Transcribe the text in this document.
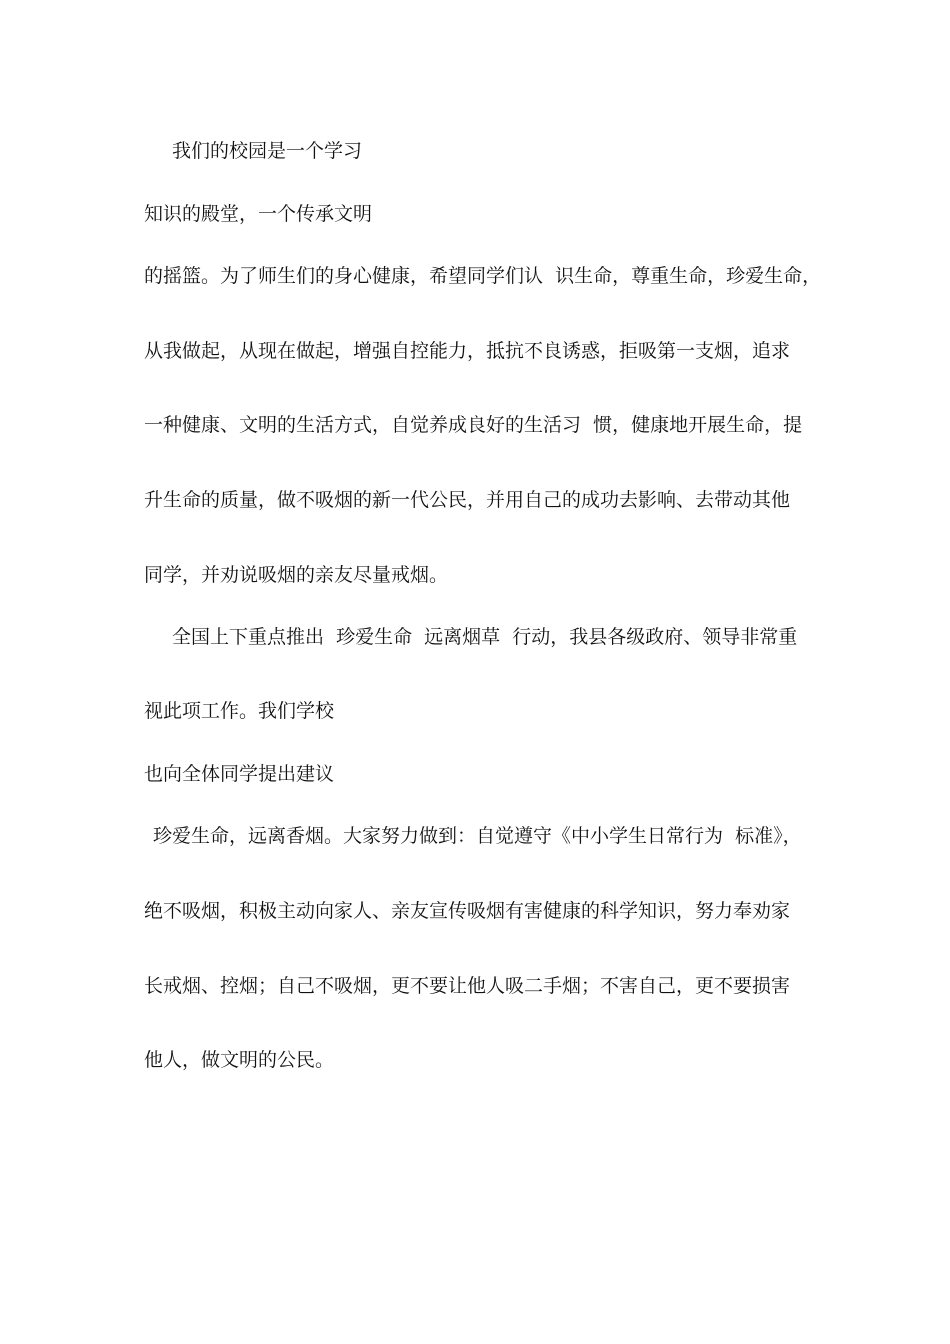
我们的校园是一个学习
知识的殿堂，一个传承文明
的摇篮。为了师生们的身心健康，希望同学们认  识生命，尊重生命，珍爱生命，
从我做起，从现在做起，增强自控能力，抵抗不良诱惑，拒吸第一支烟，追求
一种健康、文明的生活方式，自觉养成良好的生活习  惯，健康地开展生命，提
升生命的质量，做不吸烟的新一代公民，并用自己的成功去影响、去带动其他
同学，并劝说吸烟的亲友尽量戒烟。
全国上下重点推出  珍爱生命  远离烟草  行动，我县各级政府、领导非常重
视此项工作。我们学校
也向全体同学提出建议
珍爱生命，远离香烟。大家努力做到：自觉遵守《中小学生日常行为  标准》，
绝不吸烟，积极主动向家人、亲友宣传吸烟有害健康的科学知识，努力奉劝家
长戒烟、控烟；自己不吸烟，更不要让他人吸二手烟；不害自己，更不要损害
他人，做文明的公民。
